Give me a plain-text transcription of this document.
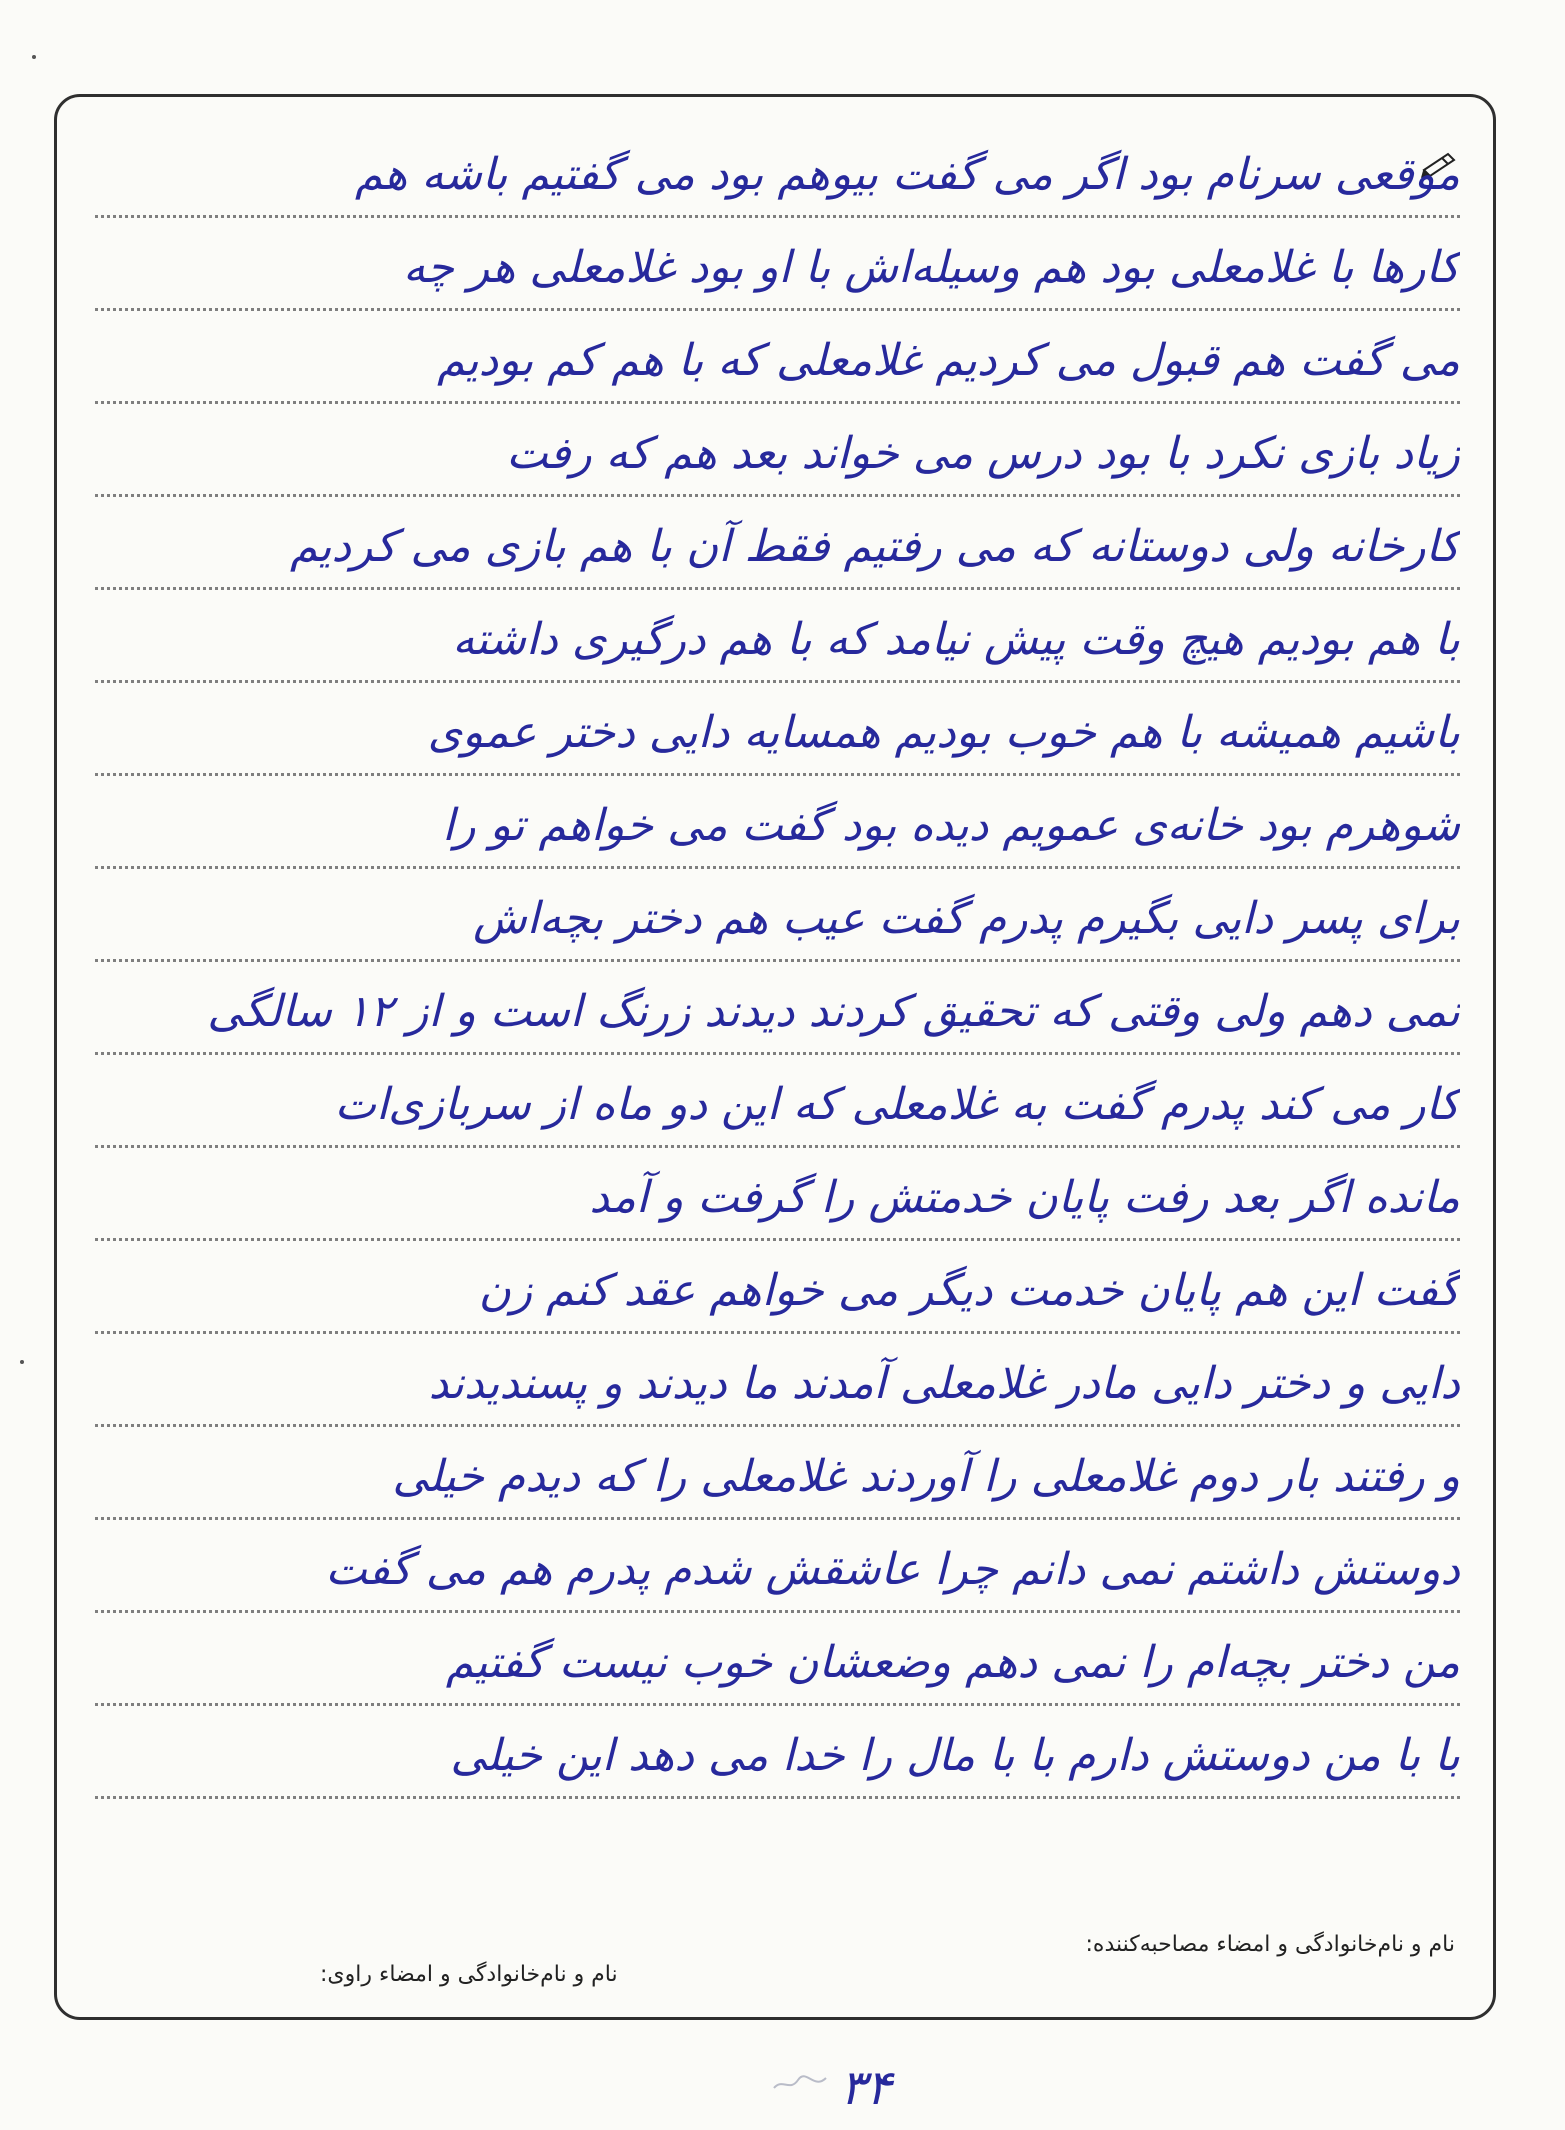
موقعی سرنام بود اگر می گفت بیوهم بود می گفتیم باشه هم
کارها با غلامعلی بود هم وسیله‌اش با او بود غلامعلی هر چه
می گفت هم قبول می کردیم غلامعلی که با هم کم بودیم
زیاد بازی نکرد با بود درس می خواند بعد هم که رفت
کارخانه ولی دوستانه که می رفتیم فقط آن با هم بازی می کردیم
با هم بودیم هیچ وقت پیش نیامد که با هم درگیری داشته
باشیم همیشه با هم خوب بودیم همسایه دایی دختر عموی
شوهرم بود خانه‌ی عمویم دیده بود گفت می خواهم تو را
برای پسر دایی بگیرم پدرم گفت عیب هم دختر بچه‌اش
نمی دهم ولی وقتی که تحقیق کردند دیدند زرنگ است و از ۱۲ سالگی
کار می کند پدرم گفت به غلامعلی که این دو ماه از سربازی‌ات
مانده اگر بعد رفت پایان خدمتش را گرفت و آمد
گفت این هم پایان خدمت دیگر می خواهم عقد کنم زن
دایی و دختر دایی مادر غلامعلی آمدند ما دیدند و پسندیدند
و رفتند بار دوم غلامعلی را آوردند غلامعلی را که دیدم خیلی
دوستش داشتم نمی دانم چرا عاشقش شدم پدرم هم می گفت
من دختر بچه‌ام را نمی دهم وضعشان خوب نیست گفتیم
با با من دوستش دارم با با مال را خدا می دهد این خیلی
نام و نام‌خانوادگی و امضاء مصاحبه‌کننده:
نام و نام‌خانوادگی و امضاء راوی:
۳۴
